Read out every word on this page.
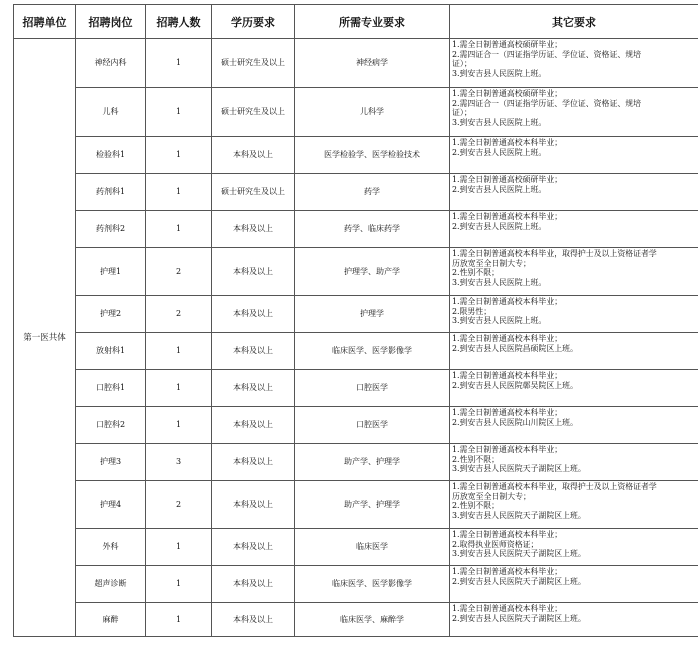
招聘单位	招聘岗位	招聘人数	学历要求	所需专业要求	其它要求
第一医共体	神经内科	1	硕士研究生及以上	神经病学	1.需全日制普通高校硕研毕业；
2.需四证合一（四证指学历证、学位证、资格证、规培
证）；
3.到安吉县人民医院上班。

	儿科	1	硕士研究生及以上	儿科学	1.需全日制普通高校硕研毕业；
2.需四证合一（四证指学历证、学位证、资格证、规培
证）；
3.到安吉县人民医院上班。

	检验科1	1	本科及以上	医学检验学、医学检验技术	1.需全日制普通高校本科毕业；
2.到安吉县人民医院上班。

	药剂科1	1	硕士研究生及以上	药学	1.需全日制普通高校硕研毕业；
2.到安吉县人民医院上班。

	药剂科2	1	本科及以上	药学、临床药学	1.需全日制普通高校本科毕业；
2.到安吉县人民医院上班。

	护理1	2	本科及以上	护理学、助产学	1.需全日制普通高校本科毕业，取得护士及以上资格证者学
历放宽至全日制大专；
2.性别不限；
3.到安吉县人民医院上班。

	护理2	2	本科及以上	护理学	1.需全日制普通高校本科毕业；
2.限男性；
3.到安吉县人民医院上班。

	放射科1	1	本科及以上	临床医学、医学影像学	1.需全日制普通高校本科毕业；
2.到安吉县人民医院昌硕院区上班。

	口腔科1	1	本科及以上	口腔医学	1.需全日制普通高校本科毕业；
2.到安吉县人民医院鄣吴院区上班。

	口腔科2	1	本科及以上	口腔医学	1.需全日制普通高校本科毕业；
2.到安吉县人民医院山川院区上班。

	护理3	3	本科及以上	助产学、护理学	1.需全日制普通高校本科毕业；
2.性别不限；
3.到安吉县人民医院天子湖院区上班。

	护理4	2	本科及以上	助产学、护理学	1.需全日制普通高校本科毕业，取得护士及以上资格证者学
历放宽至全日制大专；
2.性别不限；
3.到安吉县人民医院天子湖院区上班。

	外科	1	本科及以上	临床医学	1.需全日制普通高校本科毕业；
2.取得执业医师资格证；
3.到安吉县人民医院天子湖院区上班。

	超声诊断	1	本科及以上	临床医学、医学影像学	1.需全日制普通高校本科毕业；
2.到安吉县人民医院天子湖院区上班。

	麻醉	1	本科及以上	临床医学、麻醉学	1.需全日制普通高校本科毕业；
2.到安吉县人民医院天子湖院区上班。
